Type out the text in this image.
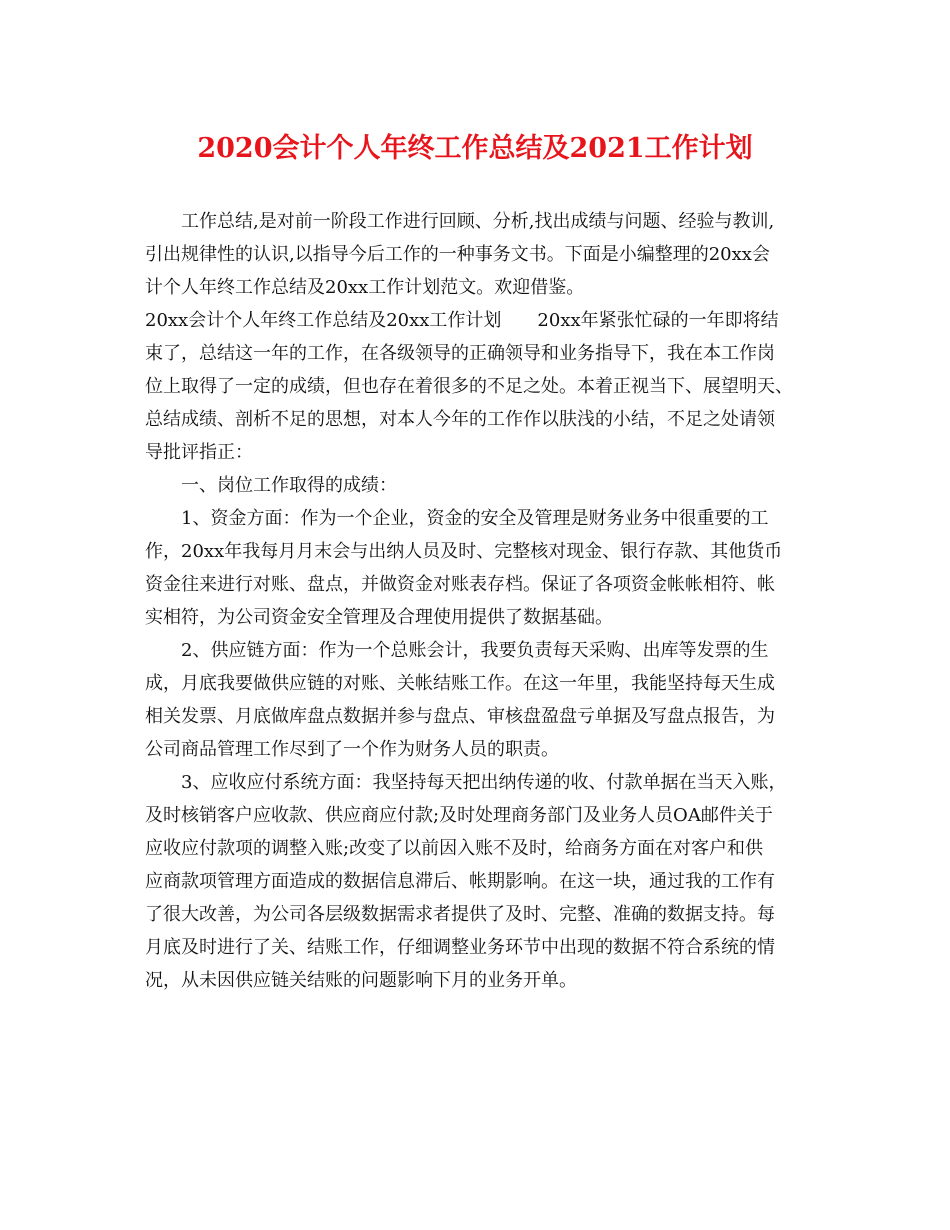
2020会计个人年终工作总结及2021工作计划
工作总结,是对前一阶段工作进行回顾、分析,找出成绩与问题、经验与教训,
引出规律性的认识,以指导今后工作的一种事务文书。下面是小编整理的20xx会
计个人年终工作总结及20xx工作计划范文。欢迎借鉴。
20xx会计个人年终工作总结及20xx工作计划 20xx年紧张忙碌的一年即将结
束了，总结这一年的工作，在各级领导的正确领导和业务指导下，我在本工作岗
位上取得了一定的成绩，但也存在着很多的不足之处。本着正视当下、展望明天、
总结成绩、剖析不足的思想，对本人今年的工作作以肤浅的小结，不足之处请领
导批评指正：
一、岗位工作取得的成绩：
1、资金方面：作为一个企业，资金的安全及管理是财务业务中很重要的工
作，20xx年我每月月末会与出纳人员及时、完整核对现金、银行存款、其他货币
资金往来进行对账、盘点，并做资金对账表存档。保证了各项资金帐帐相符、帐
实相符，为公司资金安全管理及合理使用提供了数据基础。
2、供应链方面：作为一个总账会计，我要负责每天采购、出库等发票的生
成，月底我要做供应链的对账、关帐结账工作。在这一年里，我能坚持每天生成
相关发票、月底做库盘点数据并参与盘点、审核盘盈盘亏单据及写盘点报告，为
公司商品管理工作尽到了一个作为财务人员的职责。
3、应收应付系统方面：我坚持每天把出纳传递的收、付款单据在当天入账，
及时核销客户应收款、供应商应付款;及时处理商务部门及业务人员OA邮件关于
应收应付款项的调整入账;改变了以前因入账不及时，给商务方面在对客户和供
应商款项管理方面造成的数据信息滞后、帐期影响。在这一块，通过我的工作有
了很大改善，为公司各层级数据需求者提供了及时、完整、准确的数据支持。每
月底及时进行了关、结账工作，仔细调整业务环节中出现的数据不符合系统的情
况，从未因供应链关结账的问题影响下月的业务开单。
